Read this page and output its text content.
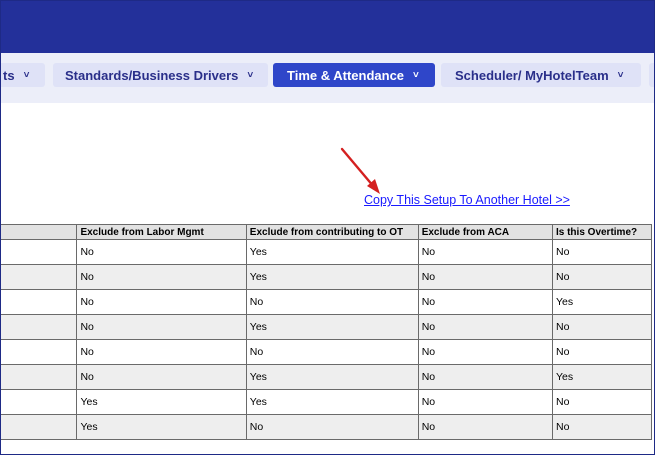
ts ˅	Standards/Business Drivers ˅	Time & Attendance ˅	Scheduler/ MyHotelTeam ˅
Copy This Setup To Another Hotel >>
	Exclude from Labor Mgmt	Exclude from contributing to OT	Exclude from ACA	Is this Overtime?
	No	Yes	No	No
	No	Yes	No	No
	No	No	No	Yes
	No	Yes	No	No
	No	No	No	No
	No	Yes	No	Yes
	Yes	Yes	No	No
	Yes	No	No	No
